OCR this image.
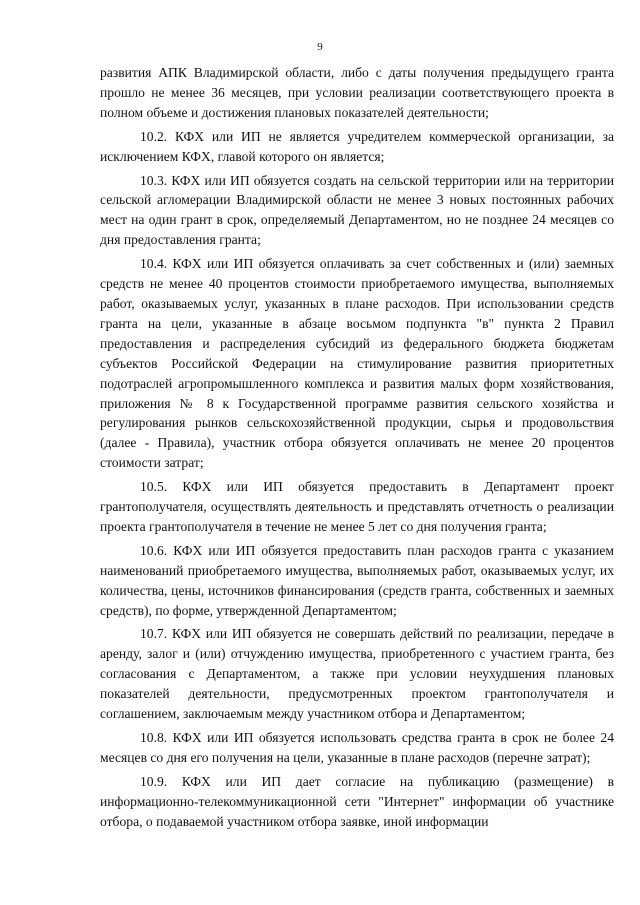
9

развития АПК Владимирской области, либо с даты получения предыдущего гранта прошло не менее 36 месяцев, при условии реализации соответствующего проекта в полном объеме и достижения плановых показателей деятельности;

10.2. КФХ или ИП не является учредителем коммерческой организации, за исключением КФХ, главой которого он является;

10.3. КФХ или ИП обязуется создать на сельской территории или на территории сельской агломерации Владимирской области не менее 3 новых постоянных рабочих мест на один грант в срок, определяемый Департаментом, но не позднее 24 месяцев со дня предоставления гранта;

10.4. КФХ или ИП обязуется оплачивать за счет собственных и (или) заемных средств не менее 40 процентов стоимости приобретаемого имущества, выполняемых работ, оказываемых услуг, указанных в плане расходов. При использовании средств гранта на цели, указанные в абзаце восьмом подпункта "в" пункта 2 Правил предоставления и распределения субсидий из федерального бюджета бюджетам субъектов Российской Федерации на стимулирование развития приоритетных подотраслей агропромышленного комплекса и развития малых форм хозяйствования, приложения № 8 к Государственной программе развития сельского хозяйства и регулирования рынков сельскохозяйственной продукции, сырья и продовольствия (далее - Правила), участник отбора обязуется оплачивать не менее 20 процентов стоимости затрат;

10.5. КФХ или ИП обязуется предоставить в Департамент проект грантополучателя, осуществлять деятельность и представлять отчетность о реализации проекта грантополучателя в течение не менее 5 лет со дня получения гранта;

10.6. КФХ или ИП обязуется предоставить план расходов гранта с указанием наименований приобретаемого имущества, выполняемых работ, оказываемых услуг, их количества, цены, источников финансирования (средств гранта, собственных и заемных средств), по форме, утвержденной Департаментом;

10.7. КФХ или ИП обязуется не совершать действий по реализации, передаче в аренду, залог и (или) отчуждению имущества, приобретенного с участием гранта, без согласования с Департаментом, а также при условии неухудшения плановых показателей деятельности, предусмотренных проектом грантополучателя и соглашением, заключаемым между участником отбора и Департаментом;

10.8. КФХ или ИП обязуется использовать средства гранта в срок не более 24 месяцев со дня его получения на цели, указанные в плане расходов (перечне затрат);

10.9. КФХ или ИП дает согласие на публикацию (размещение) в информационно-телекоммуникационной сети "Интернет" информации об участнике отбора, о подаваемой участником отбора заявке, иной информации
